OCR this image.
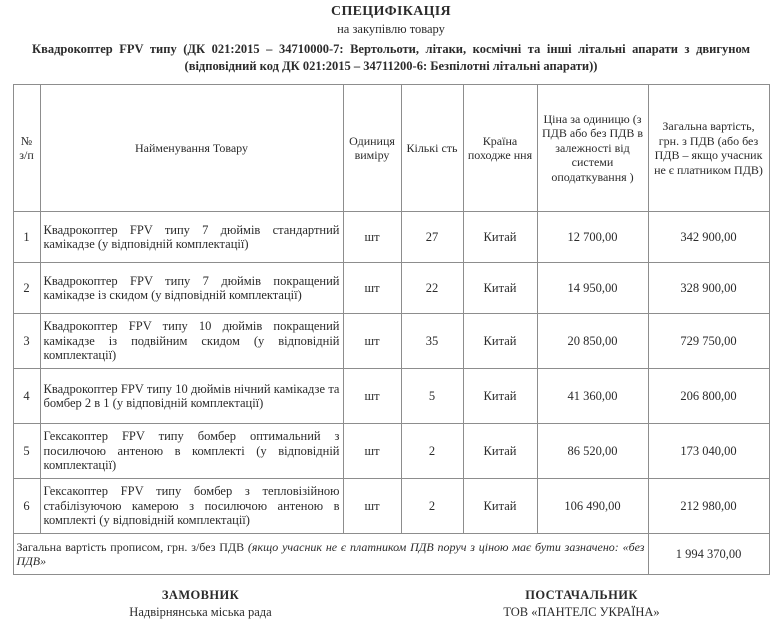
СПЕЦИФІКАЦІЯ
на закупівлю товару
Квадрокоптер FPV типу (ДК 021:2015 – 34710000-7: Вертольоти, літаки, космічні та інші літальні апарати з двигуном (відповідний код ДК 021:2015 – 34711200-6: Безпілотні літальні апарати))
№ з/п	Найменування Товару	Одиниця виміру	Кількі сть	Країна походже ння	Ціна за одиницю (з ПДВ або без ПДВ в залежності від системи оподаткування )	Загальна вартість, грн. з ПДВ (або без ПДВ – якщо учасник не є платником ПДВ)
1	Квадрокоптер FPV типу 7 дюймів стандартний камікадзе (у відповідній комплектації)	шт	27	Китай	12 700,00	342 900,00
2	Квадрокоптер FPV типу 7 дюймів покращений камікадзе із скидом (у відповідній комплектації)	шт	22	Китай	14 950,00	328 900,00
3	Квадрокоптер FPV типу 10 дюймів покращений камікадзе із подвійним скидом (у відповідній комплектації)	шт	35	Китай	20 850,00	729 750,00
4	Квадрокоптер FPV типу 10 дюймів нічний камікадзе та бомбер 2 в 1 (у відповідній комплектації)	шт	5	Китай	41 360,00	206 800,00
5	Гексакоптер FPV типу бомбер оптимальний з посилючою антеною в комплекті (у відповідній комплектації)	шт	2	Китай	86 520,00	173 040,00
6	Гексакоптер FPV типу бомбер з тепловізійною стабілізуючою камерою з посилючою антеною в комплекті (у відповідній комплектації)	шт	2	Китай	106 490,00	212 980,00
Загальна вартість прописом, грн. з/без ПДВ (якщо учасник не є платником ПДВ поруч з ціною має бути зазначено: «без ПДВ»						1 994 370,00
ЗАМОВНИК
Надвірнянська міська рада
ПОСТАЧАЛЬНИК
ТОВ «ПАНТЕЛС УКРАЇНА»
